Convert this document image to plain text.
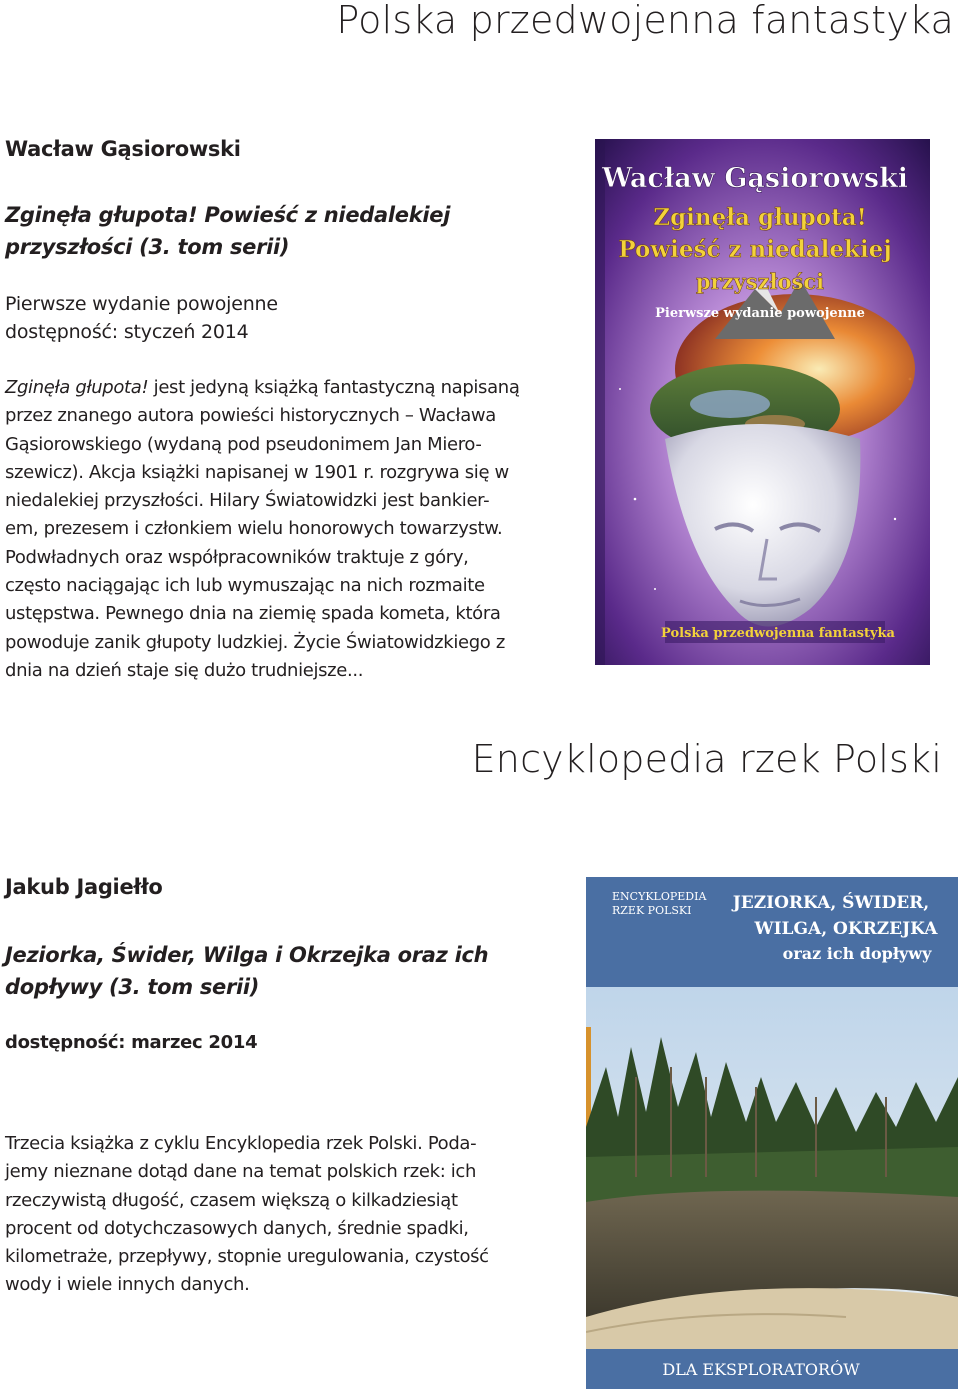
Polska przedwojenna fantastyka
Wacław Gąsiorowski
Zginęła głupota! Powieść z niedalekiej
przyszłości (3. tom serii)
Pierwsze wydanie powojenne
dostępność: styczeń 2014
Zginęła głupota! jest jedyną książką fantastyczną napisaną
przez znanego autora powieści historycznych – Wacława
Gąsiorowskiego (wydaną pod pseudonimem Jan Miero-
szewicz). Akcja książki napisanej w 1901 r. rozgrywa się w
niedalekiej przyszłości. Hilary Światowidzki jest bankier-
em, prezesem i członkiem wielu honorowych towarzystw.
Podwładnych oraz współpracowników traktuje z góry,
często naciągając ich lub wymuszając na nich rozmaite
ustępstwa. Pewnego dnia na ziemię spada kometa, która
powoduje zanik głupoty ludzkiej. Życie Światowidzkiego z
dnia na dzień staje się dużo trudniejsze...
Polska przedwojenna fantastyka
Wacław Gąsiorowski
Zginęła głupota!
Powieść z niedalekiej
przyszłości
Pierwsze wydanie powojenne
Encyklopedia rzek Polski
Jakub Jagiełło
Jeziorka, Świder, Wilga i Okrzejka oraz ich
dopływy (3. tom serii)
dostępność: marzec 2014
Trzecia książka z cyklu Encyklopedia rzek Polski. Poda-
jemy nieznane dotąd dane na temat polskich rzek: ich
rzeczywistą długość, czasem większą o kilkadziesiąt
procent od dotychczasowych danych, średnie spadki,
kilometraże, przepływy, stopnie uregulowania, czystość
wody i wiele innych danych.
ENCYKLOPEDIA
RZEK POLSKI JEZIORKA, ŚWIDER,
WILGA, OKRZEJKA
oraz ich dopływy
DLA EKSPLORATORÓW
